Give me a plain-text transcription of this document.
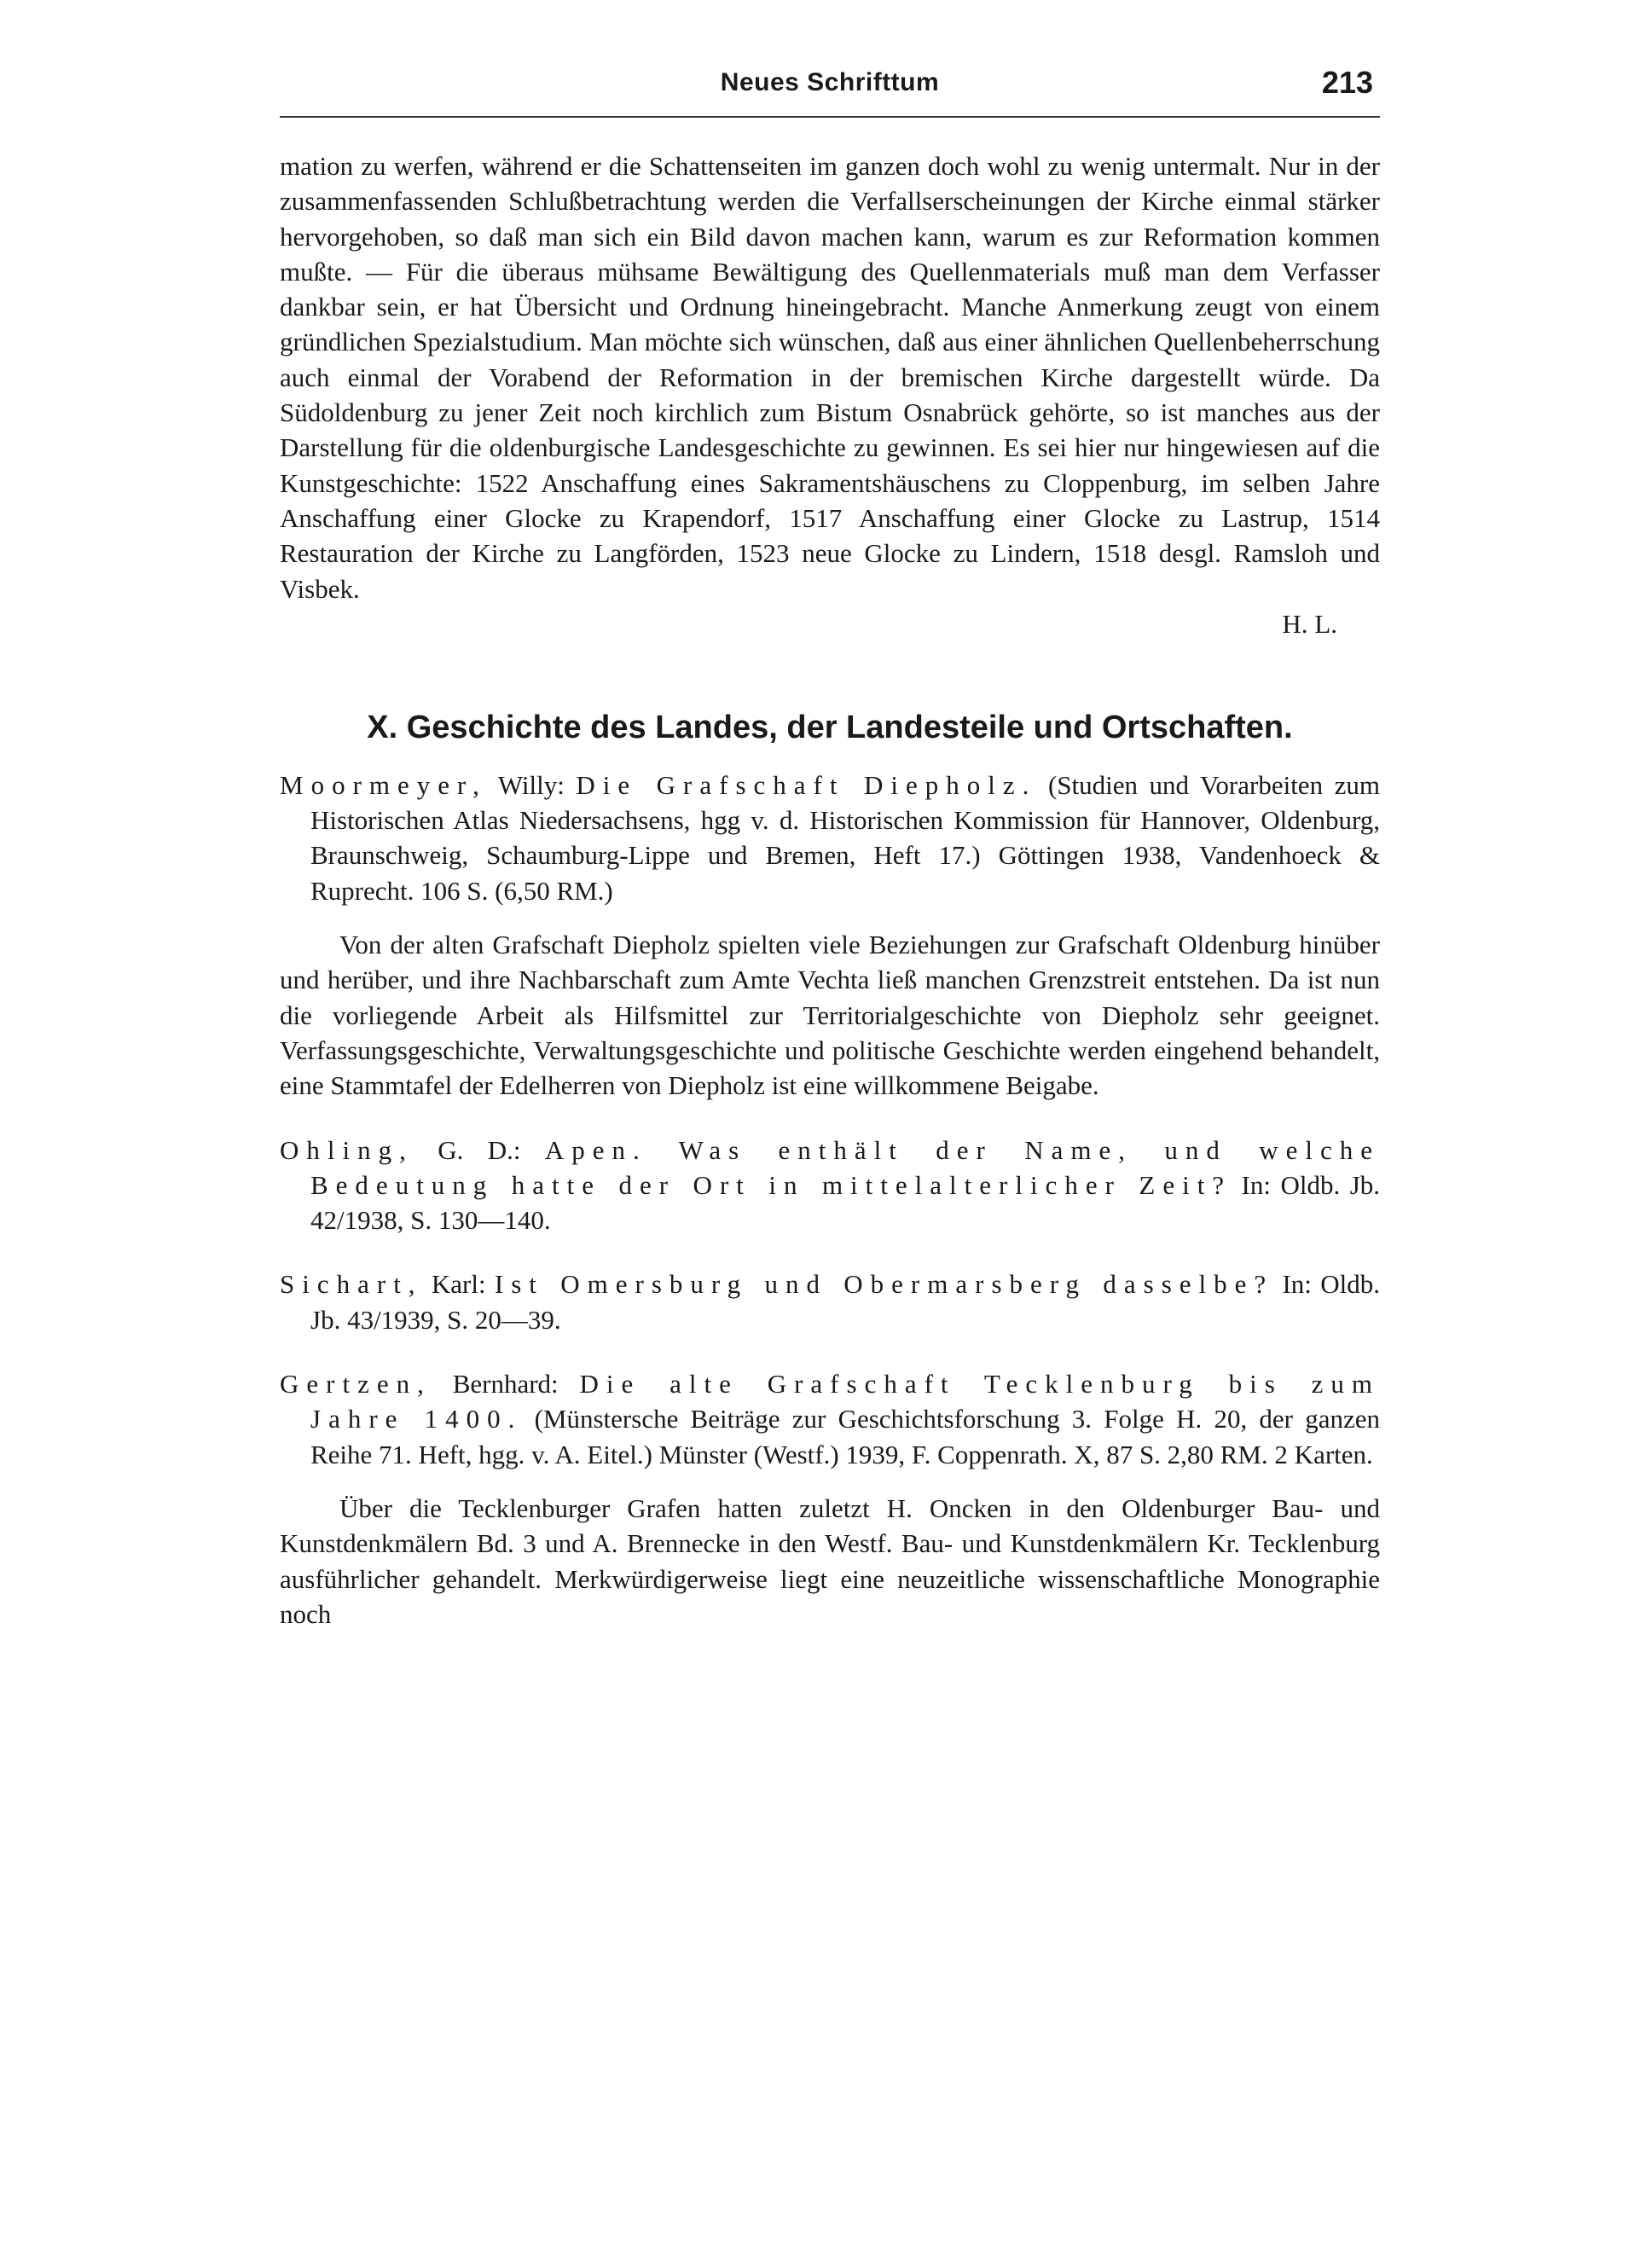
Neues Schrifttum	213

mation zu werfen, während er die Schattenseiten im ganzen doch wohl zu wenig untermalt. Nur in der zusammenfassenden Schlußbetrachtung werden die Verfallserscheinungen der Kirche einmal stärker hervorgehoben, so daß man sich ein Bild davon machen kann, warum es zur Reformation kommen mußte. — Für die überaus mühsame Bewältigung des Quellenmaterials muß man dem Verfasser dankbar sein, er hat Übersicht und Ordnung hineingebracht. Manche Anmerkung zeugt von einem gründlichen Spezialstudium. Man möchte sich wünschen, daß aus einer ähnlichen Quellenbeherrschung auch einmal der Vorabend der Reformation in der bremischen Kirche dargestellt würde. Da Südoldenburg zu jener Zeit noch kirchlich zum Bistum Osnabrück gehörte, so ist manches aus der Darstellung für die oldenburgische Landesgeschichte zu gewinnen. Es sei hier nur hingewiesen auf die Kunstgeschichte: 1522 Anschaffung eines Sakramentshäuschens zu Cloppenburg, im selben Jahre Anschaffung einer Glocke zu Krapendorf, 1517 Anschaffung einer Glocke zu Lastrup, 1514 Restauration der Kirche zu Langförden, 1523 neue Glocke zu Lindern, 1518 desgl. Ramsloh und Visbek.

H. L.
X. Geschichte des Landes, der Landesteile und Ortschaften.

Moormeyer, Willy: Die Grafschaft Diepholz. (Studien und Vorarbeiten zum Historischen Atlas Niedersachsens, hgg v. d. Historischen Kommission für Hannover, Oldenburg, Braunschweig, Schaumburg-Lippe und Bremen, Heft 17.) Göttingen 1938, Vandenhoeck & Ruprecht. 106 S. (6,50 RM.)

Von der alten Grafschaft Diepholz spielten viele Beziehungen zur Grafschaft Oldenburg hinüber und herüber, und ihre Nachbarschaft zum Amte Vechta ließ manchen Grenzstreit entstehen. Da ist nun die vorliegende Arbeit als Hilfsmittel zur Territorialgeschichte von Diepholz sehr geeignet. Verfassungsgeschichte, Verwaltungsgeschichte und politische Geschichte werden eingehend behandelt, eine Stammtafel der Edelherren von Diepholz ist eine willkommene Beigabe.

Ohling, G. D.: Apen. Was enthält der Name, und welche Bedeutung hatte der Ort in mittelalterlicher Zeit? In: Oldb. Jb. 42/1938, S. 130—140.

Sichart, Karl: Ist Omersburg und Obermarsberg dasselbe? In: Oldb. Jb. 43/1939, S. 20—39.

Gertzen, Bernhard: Die alte Grafschaft Tecklenburg bis zum Jahre 1400. (Münstersche Beiträge zur Geschichtsforschung 3. Folge H. 20, der ganzen Reihe 71. Heft, hgg. v. A. Eitel.) Münster (Westf.) 1939, F. Coppenrath. X, 87 S. 2,80 RM. 2 Karten.

Über die Tecklenburger Grafen hatten zuletzt H. Oncken in den Oldenburger Bau- und Kunstdenkmälern Bd. 3 und A. Brennecke in den Westf. Bau- und Kunstdenkmälern Kr. Tecklenburg ausführlicher gehandelt. Merkwürdigerweise liegt eine neuzeitliche wissenschaftliche Monographie noch
